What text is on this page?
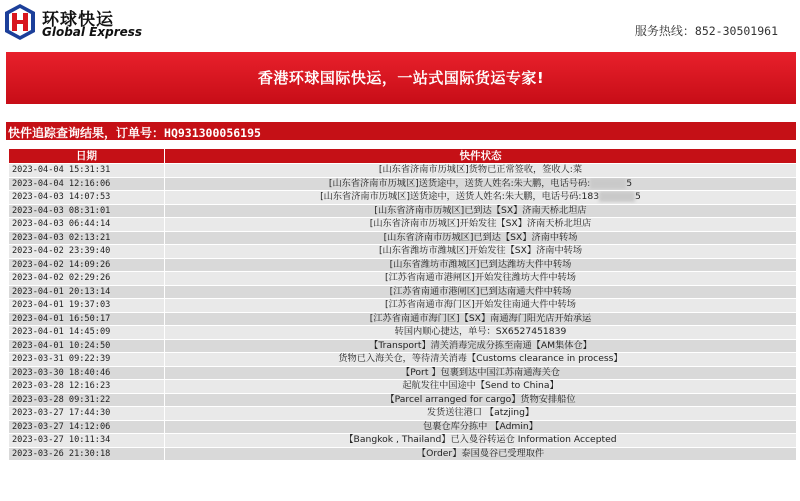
环球快运
Global Express	服务热线：852-30501961
香港环球国际快运，一站式国际货运专家!
快件追踪查询结果，订单号：HQ931300056195
日期	快件状态
2023-04-04 15:31:31	[山东省济南市历城区]货物已正常签收，签收人:菜
2023-04-04 12:16:06	[山东省济南市历城区]送货途中，送货人姓名:朱大鹏，电话号码: 5
2023-04-03 14:07:53	[山东省济南市历城区]送货途中，送货人姓名:朱大鹏，电话号码:183 5
2023-04-03 08:31:01	[山东省济南市历城区]已到达【SX】济南天桥北坦店
2023-04-03 06:44:14	[山东省济南市历城区]开始发往【SX】济南天桥北坦店
2023-04-03 02:13:21	[山东省济南市历城区]已到达【SX】济南中转场
2023-04-02 23:39:40	[山东省潍坊市潍城区]开始发往【SX】济南中转场
2023-04-02 14:09:26	[山东省潍坊市潍城区]已到达潍坊大件中转场
2023-04-02 02:29:26	[江苏省南通市港闸区]开始发往潍坊大件中转场
2023-04-01 20:13:14	[江苏省南通市港闸区]已到达南通大件中转场
2023-04-01 19:37:03	[江苏省南通市海门区]开始发往南通大件中转场
2023-04-01 16:50:17	[江苏省南通市海门区]【SX】南通海门阳光店开始承运
2023-04-01 14:45:09	转国内顺心捷达，单号：SX6527451839
2023-04-01 10:24:50	【Transport】清关消毒完成分拣至南通【AM集体仓】
2023-03-31 09:22:39	货物已入海关仓，等待清关消毒【Customs clearance in process】
2023-03-30 18:40:46	【Port 】包裹到达中国江苏南通海关仓
2023-03-28 12:16:23	起航发往中国途中【Send to China】
2023-03-28 09:31:22	【Parcel arranged for cargo】货物安排船位
2023-03-27 17:44:30	发货送往港口 【atzjing】
2023-03-27 14:12:06	包裹仓库分拣中 【Admin】
2023-03-27 10:11:34	【Bangkok , Thailand】已入曼谷转运仓 Information Accepted
2023-03-26 21:30:18	【Order】泰国曼谷已受理取件
